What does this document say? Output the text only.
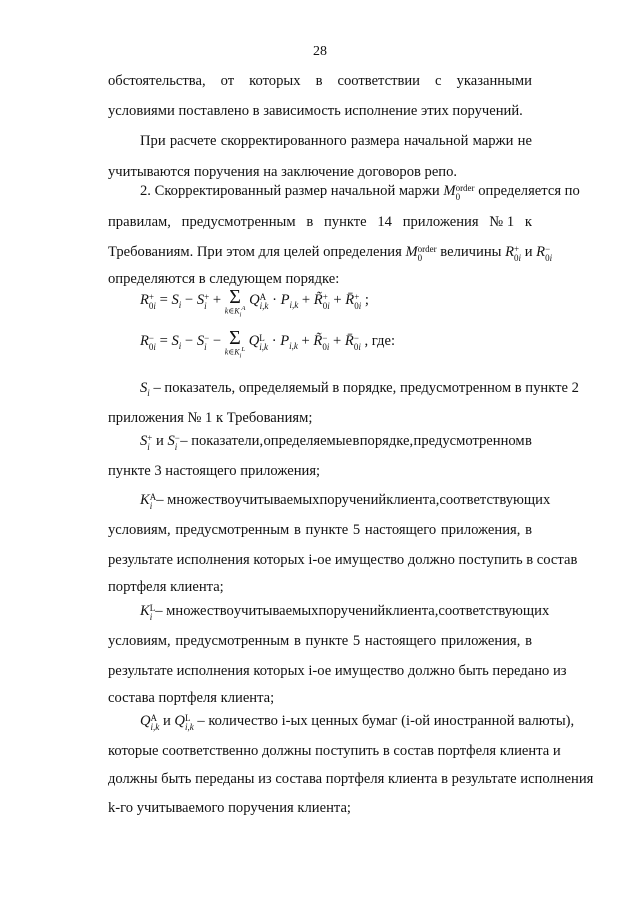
28
обстоятельства, от которых в соответствии с указанными
условиями поставлено в зависимость исполнение этих поручений.
При расчете скорректированного размера начальной маржи не
учитываются поручения на заключение договоров репо.
2. Скорректированный размер начальной маржи M order
0	определяется по
правилам, предусмотренным в пункте 14 приложения № 1 к
Требованиям. При этом для целей определения M order
0	величины R +
0i и R −
0i
определяются в следующем порядке:
R +
$0i = S_i - S$ +
i + Σ
$k\in K_i^A$
Q A
$i,k \cdot P_{i,k}$ + R̃ +
0i + R̄ +
0i ;
R −
$0i = S_i - S$ −
i − Σ
$k\in K_i^L$
Q L
$i,k \cdot P_{i,k}$ + R̃ −
0i + R̄ −
0i , где:
$S_i$ – показатель, определяемый в порядке, предусмотренном в пункте 2
приложения № 1 к Требованиям;
S +
i и S −
i – показатели, определяемые в порядке, предусмотренном в
пункте 3 настоящего приложения;
K A
i – множество учитываемых поручений клиента, соответствующих
условиям, предусмотренным в пункте 5 настоящего приложения, в
результате исполнения которых i-ое имущество должно поступить в состав
портфеля клиента;
K L
i – множество учитываемых поручений клиента, соответствующих
условиям, предусмотренным в пункте 5 настоящего приложения, в
результате исполнения которых i-ое имущество должно быть передано из
состава портфеля клиента;
Q A
i,k и Q L
i,k – количество i-ых ценных бумаг (i-ой иностранной валюты),
которые соответственно должны поступить в состав портфеля клиента и
должны быть переданы из состава портфеля клиента в результате исполнения
k-го учитываемого поручения клиента;
